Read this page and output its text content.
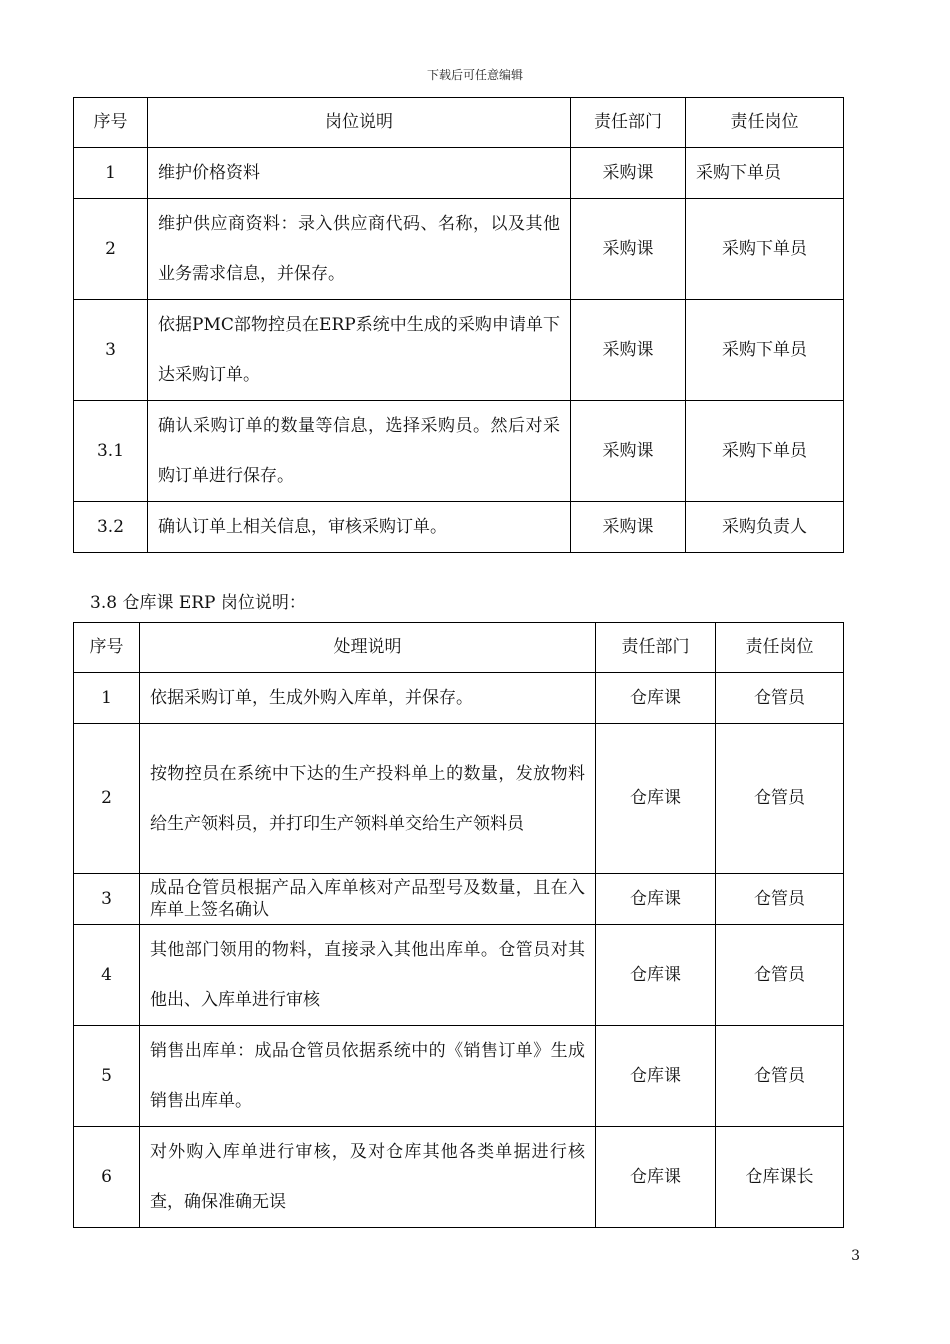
下载后可任意编辑
序号	岗位说明	责任部门	责任岗位
1	维护价格资料	采购课	采购下单员
2	维护供应商资料：录入供应商代码、名称，以及其他业务需求信息，并保存。	采购课	采购下单员
3	依据PMC部物控员在ERP系统中生成的采购申请单下达采购订单。	采购课	采购下单员
3.1	确认采购订单的数量等信息，选择采购员。然后对采购订单进行保存。	采购课	采购下单员
3.2	确认订单上相关信息，审核采购订单。	采购课	采购负责人
3.8 仓库课 ERP 岗位说明：
序号	处理说明	责任部门	责任岗位
1	依据采购订单，生成外购入库单，并保存。	仓库课	仓管员
2	按物控员在系统中下达的生产投料单上的数量，发放物料给生产领料员，并打印生产领料单交给生产领料员	仓库课	仓管员
3	成品仓管员根据产品入库单核对产品型号及数量，且在入库单上签名确认	仓库课	仓管员
4	其他部门领用的物料，直接录入其他出库单。仓管员对其他出、入库单进行审核	仓库课	仓管员
5	销售出库单：成品仓管员依据系统中的《销售订单》生成销售出库单。	仓库课	仓管员
6	对外购入库单进行审核，及对仓库其他各类单据进行核查，确保准确无误	仓库课	仓库课长
3
